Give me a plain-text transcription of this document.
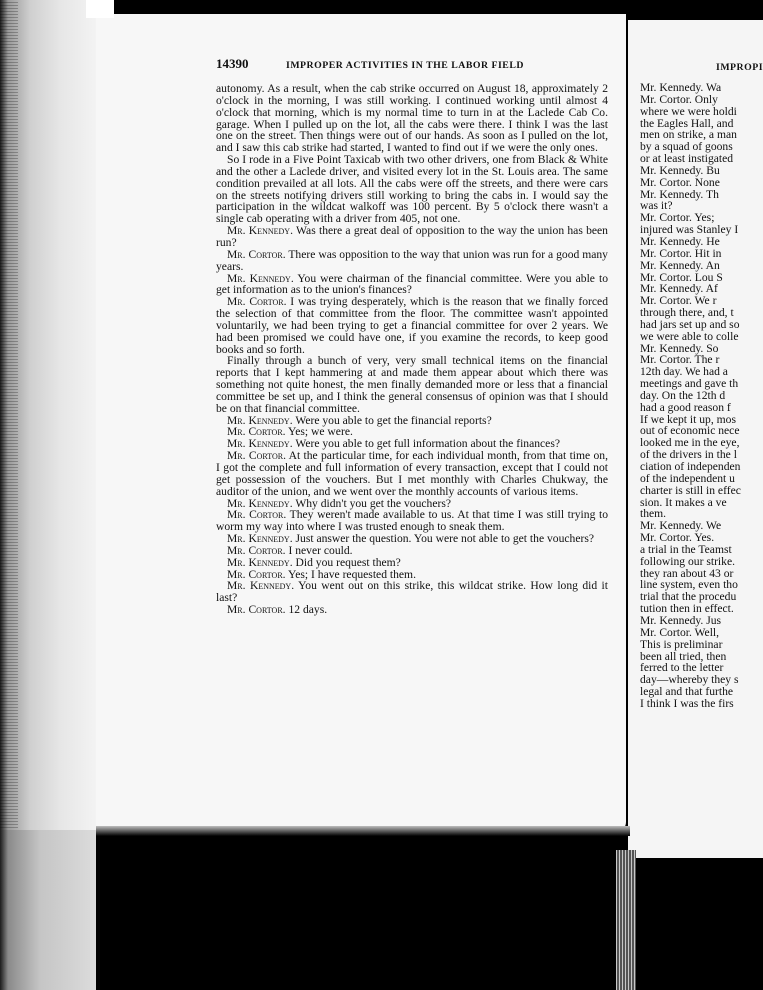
14390	IMPROPER ACTIVITIES IN THE LABOR FIELD

autonomy. As a result, when the cab strike occurred on August 18, approximately 2 o'clock in the morning, I was still working. I continued working until almost 4 o'clock that morning, which is my normal time to turn in at the Laclede Cab Co. garage. When I pulled up on the lot, all the cabs were there. I think I was the last one on the street. Then things were out of our hands. As soon as I pulled on the lot, and I saw this cab strike had started, I wanted to find out if we were the only ones.

So I rode in a Five Point Taxicab with two other drivers, one from Black & White and the other a Laclede driver, and visited every lot in the St. Louis area. The same condition prevailed at all lots. All the cabs were off the streets, and there were cars on the streets notifying drivers still working to bring the cabs in. I would say the participation in the wildcat walkoff was 100 percent. By 5 o'clock there wasn't a single cab operating with a driver from 405, not one.

Mr. Kennedy. Was there a great deal of opposition to the way the union has been run?

Mr. Cortor. There was opposition to the way that union was run for a good many years.

Mr. Kennedy. You were chairman of the financial committee. Were you able to get information as to the union's finances?

Mr. Cortor. I was trying desperately, which is the reason that we finally forced the selection of that committee from the floor. The committee wasn't appointed voluntarily, we had been trying to get a financial committee for over 2 years. We had been promised we could have one, if you examine the records, to keep good books and so forth.

Finally through a bunch of very, very small technical items on the financial reports that I kept hammering at and made them appear about which there was something not quite honest, the men finally demanded more or less that a financial committee be set up, and I think the general consensus of opinion was that I should be on that financial committee.

Mr. Kennedy. Were you able to get the financial reports?

Mr. Cortor. Yes; we were.

Mr. Kennedy. Were you able to get full information about the finances?

Mr. Cortor. At the particular time, for each individual month, from that time on, I got the complete and full information of every transaction, except that I could not get possession of the vouchers. But I met monthly with Charles Chukway, the auditor of the union, and we went over the monthly accounts of various items.

Mr. Kennedy. Why didn't you get the vouchers?

Mr. Cortor. They weren't made available to us. At that time I was still trying to worm my way into where I was trusted enough to sneak them.

Mr. Kennedy. Just answer the question. You were not able to get the vouchers?

Mr. Cortor. I never could.

Mr. Kennedy. Did you request them?

Mr. Cortor. Yes; I have requested them.

Mr. Kennedy. You went out on this strike, this wildcat strike. How long did it last?

Mr. Cortor. 12 days.

IMPROPI
Mr. Kennedy. Wa
Mr. Cortor. Only
where we were holdi
the Eagles Hall, and
men on strike, a man
by a squad of goons
or at least instigated
Mr. Kennedy. Bu
Mr. Cortor. None
Mr. Kennedy. Th
was it?
Mr. Cortor. Yes;
injured was Stanley I
Mr. Kennedy. He
Mr. Cortor. Hit in
Mr. Kennedy. An
Mr. Cortor. Lou S
Mr. Kennedy. Af
Mr. Cortor. We r
through there, and, t
had jars set up and so
we were able to colle
Mr. Kennedy. So
Mr. Cortor. The r
12th day. We had a
meetings and gave th
day. On the 12th d
had a good reason f
If we kept it up, mos
out of economic nece
looked me in the eye,
of the drivers in the l
ciation of independen
of the independent u
charter is still in effec
sion. It makes a ve
them.
Mr. Kennedy. We
Mr. Cortor. Yes.
a trial in the Teamst
following our strike.
they ran about 43 or
line system, even tho
trial that the procedu
tution then in effect.
Mr. Kennedy. Jus
Mr. Cortor. Well,
This is preliminar
been all tried, then
ferred to the letter
day—whereby they s
legal and that furthe
I think I was the firs
